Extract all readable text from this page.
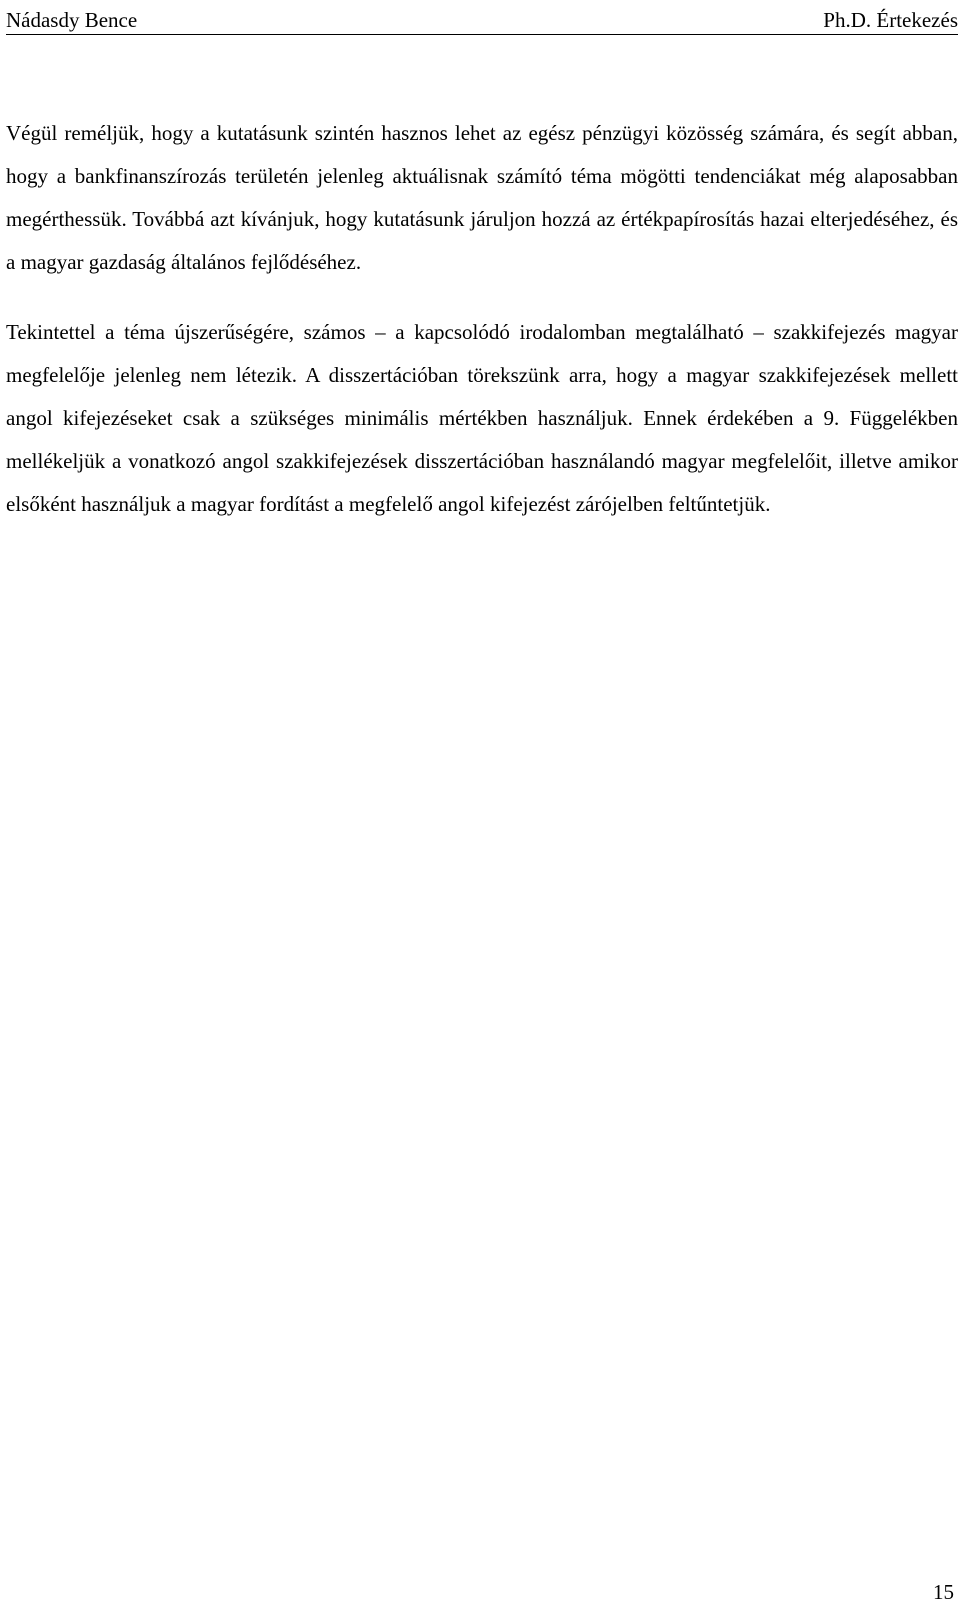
Nádasdy Bence	Ph.D. Értekezés

Végül reméljük, hogy a kutatásunk szintén hasznos lehet az egész pénzügyi közösség számára, és segít abban, hogy a bankfinanszírozás területén jelenleg aktuálisnak számító téma mögötti tendenciákat még alaposabban megérthessük. Továbbá azt kívánjuk, hogy kutatásunk járuljon hozzá az értékpapírosítás hazai elterjedéséhez, és a magyar gazdaság általános fejlődéséhez.

Tekintettel a téma újszerűségére, számos – a kapcsolódó irodalomban megtalálható – szakkifejezés magyar megfelelője jelenleg nem létezik. A disszertációban törekszünk arra, hogy a magyar szakkifejezések mellett angol kifejezéseket csak a szükséges minimális mértékben használjuk. Ennek érdekében a 9. Függelékben mellékeljük a vonatkozó angol szakkifejezések disszertációban használandó magyar megfelelőit, illetve amikor elsőként használjuk a magyar fordítást a megfelelő angol kifejezést zárójelben feltűntetjük.

15
